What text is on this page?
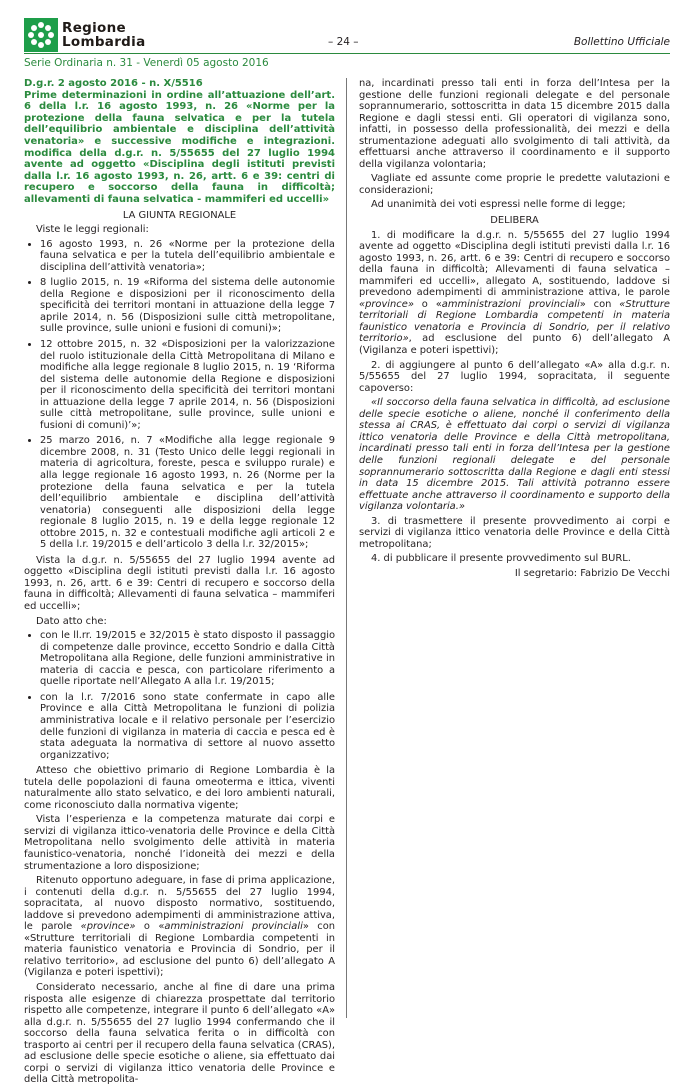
Regione
Lombardia	– 24 –	Bollettino Ufficiale
Serie Ordinaria n. 31 - Venerdì 05 agosto 2016
D.g.r. 2 agosto 2016 - n. X/5516
Prime determinazioni in ordine all’attuazione dell’art. 6 della l.r. 16 agosto 1993, n. 26 «Norme per la protezione della fauna selvatica e per la tutela dell’equilibrio ambientale e disciplina dell’attività venatoria» e successive modifiche e integrazioni. modifica della d.g.r. n. 5/55655 del 27 luglio 1994 avente ad oggetto «Disciplina degli istituti previsti dalla l.r. 16 agosto 1993, n. 26, artt. 6 e 39: centri di recupero e soccorso della fauna in difficoltà; allevamenti di fauna selvatica - mammiferi ed uccelli»

LA GIUNTA REGIONALE

Viste le leggi regionali:

• 16 agosto 1993, n. 26 «Norme per la protezione della fauna selvatica e per la tutela dell’equilibrio ambientale e disciplina dell’attività venatoria»;
• 8 luglio 2015, n. 19 «Riforma del sistema delle autonomie della Regione e disposizioni per il riconoscimento della specificità dei territori montani in attuazione della legge 7 aprile 2014, n. 56 (Disposizioni sulle città metropolitane, sulle province, sulle unioni e fusioni di comuni)»;
• 12 ottobre 2015, n. 32 «Disposizioni per la valorizzazione del ruolo istituzionale della Città Metropolitana di Milano e modifiche alla legge regionale 8 luglio 2015, n. 19 ‘Riforma del sistema delle autonomie della Regione e disposizioni per il riconoscimento della specificità dei territori montani in attuazione della legge 7 aprile 2014, n. 56 (Disposizioni sulle città metropolitane, sulle province, sulle unioni e fusioni di comuni)’»;
• 25 marzo 2016, n. 7 «Modifiche alla legge regionale 9 dicembre 2008, n. 31 (Testo Unico delle leggi regionali in materia di agricoltura, foreste, pesca e sviluppo rurale) e alla legge regionale 16 agosto 1993, n. 26 (Norme per la protezione della fauna selvatica e per la tutela dell’equilibrio ambientale e disciplina dell’attività venatoria) conseguenti alle disposizioni della legge regionale 8 luglio 2015, n. 19 e della legge regionale 12 ottobre 2015, n. 32 e contestuali modifiche agli articoli 2 e 5 della l.r. 19/2015 e dell’articolo 3 della l.r. 32/2015»;

Vista la d.g.r. n. 5/55655 del 27 luglio 1994 avente ad oggetto «Disciplina degli istituti previsti dalla l.r. 16 agosto 1993, n. 26, artt. 6 e 39: Centri di recupero e soccorso della fauna in difficoltà; Allevamenti di fauna selvatica – mammiferi ed uccelli»;

Dato atto che:

• con le ll.rr. 19/2015 e 32/2015 è stato disposto il passaggio di competenze dalle province, eccetto Sondrio e dalla Città Metropolitana alla Regione, delle funzioni amministrative in materia di caccia e pesca, con particolare riferimento a quelle riportate nell’Allegato A alla l.r. 19/2015;
• con la l.r. 7/2016 sono state confermate in capo alle Province e alla Città Metropolitana le funzioni di polizia amministrativa locale e il relativo personale per l’esercizio delle funzioni di vigilanza in materia di caccia e pesca ed è stata adeguata la normativa di settore al nuovo assetto organizzativo;

Atteso che obiettivo primario di Regione Lombardia è la tutela delle popolazioni di fauna omeoterma e ittica, viventi naturalmente allo stato selvatico, e dei loro ambienti naturali, come riconosciuto dalla normativa vigente;

Vista l’esperienza e la competenza maturate dai corpi e servizi di vigilanza ittico-venatoria delle Province e della Città Metropolitana nello svolgimento delle attività in materia faunistico-venatoria, nonché l’idoneità dei mezzi e della strumentazione a loro disposizione;

Ritenuto opportuno adeguare, in fase di prima applicazione, i contenuti della d.g.r. n. 5/55655 del 27 luglio 1994, sopracitata, al nuovo disposto normativo, sostituendo, laddove si prevedono adempimenti di amministrazione attiva, le parole «province» o «amministrazioni provinciali» con «Strutture territoriali di Regione Lombardia competenti in materia faunistico venatoria e Provincia di Sondrio, per il relativo territorio», ad esclusione del punto 6) dell’allegato A (Vigilanza e poteri ispettivi);

Considerato necessario, anche al fine di dare una prima risposta alle esigenze di chiarezza prospettate dal territorio rispetto alle competenze, integrare il punto 6 dell’allegato «A» alla d.g.r. n. 5/55655 del 27 luglio 1994 confermando che il soccorso della fauna selvatica ferita o in difficoltà con trasporto ai centri per il recupero della fauna selvatica (CRAS), ad esclusione delle specie esotiche o aliene, sia effettuato dai corpi o servizi di vigilanza ittico venatoria delle Province e della Città metropolita-

na, incardinati presso tali enti in forza dell’Intesa per la gestione delle funzioni regionali delegate e del personale soprannumerario, sottoscritta in data 15 dicembre 2015 dalla Regione e dagli stessi enti. Gli operatori di vigilanza sono, infatti, in possesso della professionalità, dei mezzi e della strumentazione adeguati allo svolgimento di tali attività, da effettuarsi anche attraverso il coordinamento e il supporto della vigilanza volontaria;

Vagliate ed assunte come proprie le predette valutazioni e considerazioni;

Ad unanimità dei voti espressi nelle forme di legge;

DELIBERA

1. di modificare la d.g.r. n. 5/55655 del 27 luglio 1994 avente ad oggetto «Disciplina degli istituti previsti dalla l.r. 16 agosto 1993, n. 26, artt. 6 e 39: Centri di recupero e soccorso della fauna in difficoltà; Allevamenti di fauna selvatica – mammiferi ed uccelli», allegato A, sostituendo, laddove si prevedono adempimenti di amministrazione attiva, le parole «province» o «amministrazioni provinciali» con «Strutture territoriali di Regione Lombardia competenti in materia faunistico venatoria e Provincia di Sondrio, per il relativo territorio», ad esclusione del punto 6) dell’allegato A (Vigilanza e poteri ispettivi);

2. di aggiungere al punto 6 dell’allegato «A» alla d.g.r. n. 5/55655 del 27 luglio 1994, sopracitata, il seguente capoverso:

«Il soccorso della fauna selvatica in difficoltà, ad esclusione delle specie esotiche o aliene, nonché il conferimento della stessa ai CRAS, è effettuato dai corpi o servizi di vigilanza ittico venatoria delle Province e della Città metropolitana, incardinati presso tali enti in forza dell’Intesa per la gestione delle funzioni regionali delegate e del personale soprannumerario sottoscritta dalla Regione e dagli enti stessi in data 15 dicembre 2015. Tali attività potranno essere effettuate anche attraverso il coordinamento e supporto della vigilanza volontaria.»

3. di trasmettere il presente provvedimento ai corpi e servizi di vigilanza ittico venatoria delle Province e della Città metropolitana;

4. di pubblicare il presente provvedimento sul BURL.

Il segretario: Fabrizio De Vecchi
